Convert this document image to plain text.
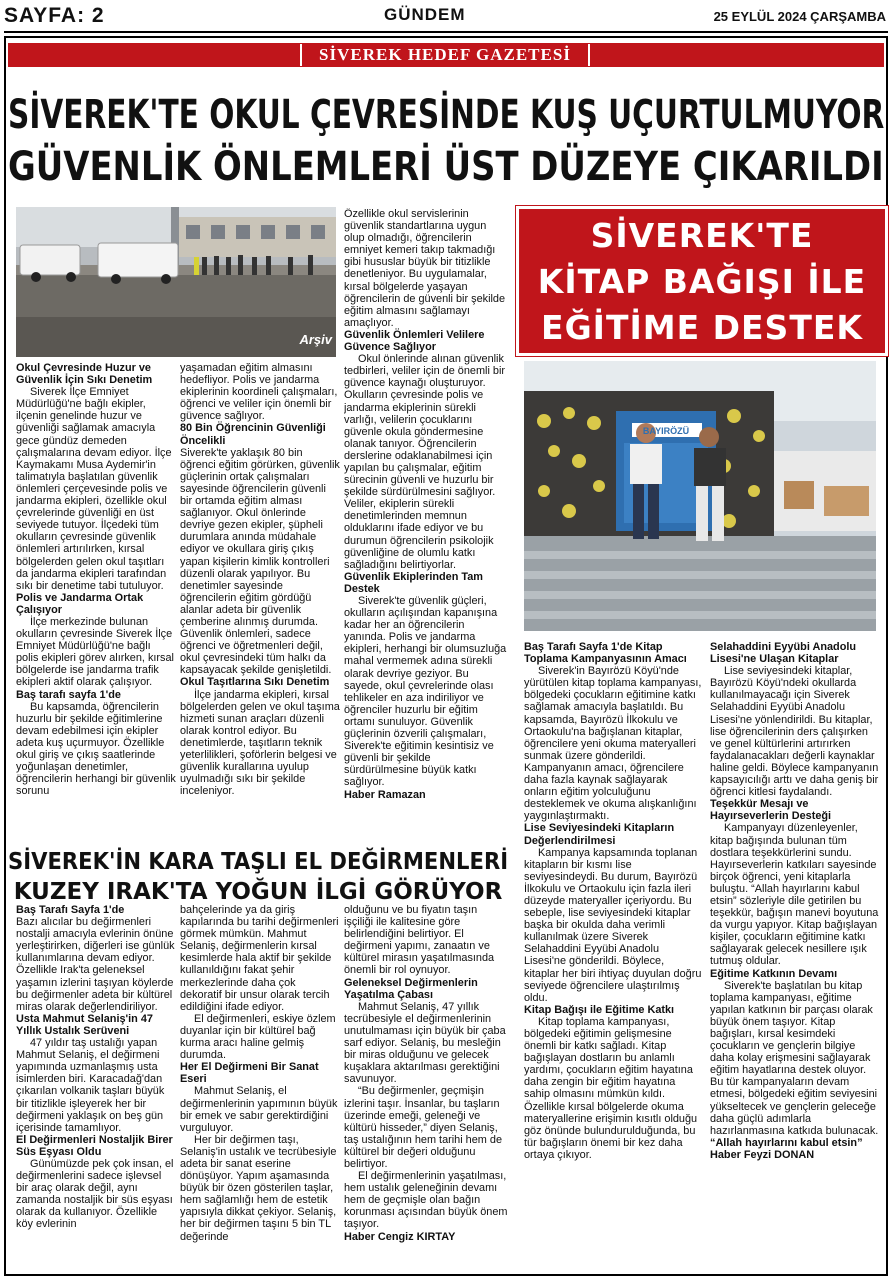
SAYFA: 2	GÜNDEM	25 EYLÜL 2024 ÇARŞAMBA
SİVEREK HEDEF GAZETESİ
SİVEREK'TE OKUL ÇEVRESİNDE KUŞ UÇURTULMUYOR
GÜVENLİK ÖNLEMLERİ ÜST DÜZEYE ÇIKARILDI
Arşiv
Okul Çevresinde Huzur ve Güvenlik İçin Sıkı Denetim

Siverek İlçe Emniyet Müdürlüğü'ne bağlı ekipler, ilçenin genelinde huzur ve güvenliği sağlamak amacıyla gece gündüz demeden çalışmalarına devam ediyor. İlçe Kaymakamı Musa Aydemir'in talimatıyla başlatılan güvenlik önlemleri çerçevesinde polis ve jandarma ekipleri, özellikle okul çevrelerinde güvenliği en üst seviyede tutuyor. İlçedeki tüm okulların çevresinde güvenlik önlemleri artırılırken, kırsal bölgelerden gelen okul taşıtları da jandarma ekipleri tarafından sıkı bir denetime tabi tutuluyor.

Polis ve Jandarma Ortak Çalışıyor

İlçe merkezinde bulunan okulların çevresinde Siverek İlçe Emniyet Müdürlüğü'ne bağlı polis ekipleri görev alırken, kırsal bölgelerde ise jandarma trafik ekipleri aktif olarak çalışıyor.

Baş tarafı sayfa 1'de

Bu kapsamda, öğrencilerin huzurlu bir şekilde eğitimlerine devam edebilmesi için ekipler adeta kuş uçurmuyor. Özellikle okul giriş ve çıkış saatlerinde yoğunlaşan denetimler, öğrencilerin herhangi bir güvenlik sorunu

yaşamadan eğitim almasını hedefliyor. Polis ve jandarma ekiplerinin koordineli çalışmaları, öğrenci ve veliler için önemli bir güvence sağlıyor.

80 Bin Öğrencinin Güvenliği Öncelikli

Siverek'te yaklaşık 80 bin öğrenci eğitim görürken, güvenlik güçlerinin ortak çalışmaları sayesinde öğrencilerin güvenli bir ortamda eğitim alması sağlanıyor. Okul önlerinde devriye gezen ekipler, şüpheli durumlara anında müdahale ediyor ve okullara giriş çıkış yapan kişilerin kimlik kontrolleri düzenli olarak yapılıyor. Bu denetimler sayesinde öğrencilerin eğitim gördüğü alanlar adeta bir güvenlik çemberine alınmış durumda. Güvenlik önlemleri, sadece öğrenci ve öğretmenleri değil, okul çevresindeki tüm halkı da kapsayacak şekilde genişletildi.

Okul Taşıtlarına Sıkı Denetim

İlçe jandarma ekipleri, kırsal bölgelerden gelen ve okul taşıma hizmeti sunan araçları düzenli olarak kontrol ediyor. Bu denetimlerde, taşıtların teknik yeterlilikleri, şoförlerin belgesi ve güvenlik kurallarına uyulup uyulmadığı sıkı bir şekilde inceleniyor.

Özellikle okul servislerinin güvenlik standartlarına uygun olup olmadığı, öğrencilerin emniyet kemeri takıp takmadığı gibi hususlar büyük bir titizlikle denetleniyor. Bu uygulamalar, kırsal bölgelerde yaşayan öğrencilerin de güvenli bir şekilde eğitim almasını sağlamayı amaçlıyor.

Güvenlik Önlemleri Velilere Güvence Sağlıyor

Okul önlerinde alınan güvenlik tedbirleri, veliler için de önemli bir güvence kaynağı oluşturuyor. Okulların çevresinde polis ve jandarma ekiplerinin sürekli varlığı, velilerin çocuklarını güvenle okula göndermesine olanak tanıyor. Öğrencilerin derslerine odaklanabilmesi için yapılan bu çalışmalar, eğitim sürecinin güvenli ve huzurlu bir şekilde sürdürülmesini sağlıyor. Veliler, ekiplerin sürekli denetimlerinden memnun olduklarını ifade ediyor ve bu durumun öğrencilerin psikolojik güvenliğine de olumlu katkı sağladığını belirtiyorlar.

Güvenlik Ekiplerinden Tam Destek

Siverek'te güvenlik güçleri, okulların açılışından kapanışına kadar her an öğrencilerin yanında. Polis ve jandarma ekipleri, herhangi bir olumsuzluğa mahal vermemek adına sürekli olarak devriye geziyor. Bu sayede, okul çevrelerinde olası tehlikeler en aza indiriliyor ve öğrenciler huzurlu bir eğitim ortamı sunuluyor. Güvenlik güçlerinin özverili çalışmaları, Siverek'te eğitimin kesintisiz ve güvenli bir şekilde sürdürülmesine büyük katkı sağlıyor.

Haber Ramazan

SİVEREK'İN KARA TAŞLI EL DEĞİRMENLERİ
KUZEY IRAK'TA YOĞUN İLGİ GÖRÜYOR
Baş Tarafı Sayfa 1'de

Bazı alıcılar bu değirmenleri nostalji amacıyla evlerinin önüne yerleştirirken, diğerleri ise günlük kullanımlarına devam ediyor. Özellikle Irak'ta geleneksel yaşamın izlerini taşıyan köylerde bu değirmenler adeta bir kültürel miras olarak değerlendiriliyor.

Usta Mahmut Selaniş'in 47 Yıllık Ustalık Serüveni

47 yıldır taş ustalığı yapan Mahmut Selaniş, el değirmeni yapımında uzmanlaşmış usta isimlerden biri. Karacadağ'dan çıkarılan volkanik taşları büyük bir titizlikle işleyerek her bir değirmeni yaklaşık on beş gün içerisinde tamamlıyor.

El Değirmenleri Nostaljik Birer Süs Eşyası Oldu

Günümüzde pek çok insan, el değirmenlerini sadece işlevsel bir araç olarak değil, aynı zamanda nostaljik bir süs eşyası olarak da kullanıyor. Özellikle köy evlerinin

bahçelerinde ya da giriş kapılarında bu tarihi değirmenleri görmek mümkün. Mahmut Selaniş, değirmenlerin kırsal kesimlerde hala aktif bir şekilde kullanıldığını fakat şehir merkezlerinde daha çok dekoratif bir unsur olarak tercih edildiğini ifade ediyor.

El değirmenleri, eskiye özlem duyanlar için bir kültürel bağ kurma aracı haline gelmiş durumda.

Her El Değirmeni Bir Sanat Eseri

Mahmut Selaniş, el değirmenlerinin yapımının büyük bir emek ve sabır gerektirdiğini vurguluyor.

Her bir değirmen taşı, Selaniş'in ustalık ve tecrübesiyle adeta bir sanat eserine dönüşüyor. Yapım aşamasında büyük bir özen gösterilen taşlar, hem sağlamlığı hem de estetik yapısıyla dikkat çekiyor. Selaniş, her bir değirmen taşını 5 bin TL değerinde

olduğunu ve bu fiyatın taşın işçiliği ile kalitesine göre belirlendiğini belirtiyor. El değirmeni yapımı, zanaatın ve kültürel mirasın yaşatılmasında önemli bir rol oynuyor.

Geleneksel Değirmenlerin Yaşatılma Çabası

Mahmut Selaniş, 47 yıllık tecrübesiyle el değirmenlerinin unutulmaması için büyük bir çaba sarf ediyor. Selaniş, bu mesleğin bir miras olduğunu ve gelecek kuşaklara aktarılması gerektiğini savunuyor.

“Bu değirmenler, geçmişin izlerini taşır. İnsanlar, bu taşların üzerinde emeği, geleneği ve kültürü hisseder,” diyen Selaniş, taş ustalığının hem tarihi hem de kültürel bir değeri olduğunu belirtiyor.

El değirmenlerinin yaşatılması, hem ustalık geleneğinin devamı hem de geçmişle olan bağın korunması açısından büyük önem taşıyor.

Haber Cengiz KIRTAY

SİVEREK'TE
KİTAP BAĞIŞI İLE
EĞİTİME DESTEK
BAYIRÖZÜ
Baş Tarafı Sayfa 1'de Kitap Toplama Kampanyasının Amacı

Siverek'in Bayırözü Köyü'nde yürütülen kitap toplama kampanyası, bölgedeki çocukların eğitimine katkı sağlamak amacıyla başlatıldı. Bu kapsamda, Bayırözü İlkokulu ve Ortaokulu'na bağışlanan kitaplar, öğrencilere yeni okuma materyalleri sunmak üzere gönderildi. Kampanyanın amacı, öğrencilere daha fazla kaynak sağlayarak onların eğitim yolculuğunu desteklemek ve okuma alışkanlığını yaygınlaştırmaktı.

Lise Seviyesindeki Kitapların Değerlendirilmesi

Kampanya kapsamında toplanan kitapların bir kısmı lise seviyesindeydi. Bu durum, Bayırözü İlkokulu ve Ortaokulu için fazla ileri düzeyde materyaller içeriyordu. Bu sebeple, lise seviyesindeki kitaplar başka bir okulda daha verimli kullanılmak üzere Siverek Selahaddini Eyyübi Anadolu Lisesi'ne gönderildi. Böylece, kitaplar her biri ihtiyaç duyulan doğru seviyede öğrencilere ulaştırılmış oldu.

Kitap Bağışı ile Eğitime Katkı

Kitap toplama kampanyası, bölgedeki eğitimin gelişmesine önemli bir katkı sağladı. Kitap bağışlayan dostların bu anlamlı yardımı, çocukların eğitim hayatına daha zengin bir eğitim hayatına sahip olmasını mümkün kıldı. Özellikle kırsal bölgelerde okuma materyallerine erişimin kısıtlı olduğu göz önünde bulundurulduğunda, bu tür bağışların önemi bir kez daha ortaya çıkıyor.

Selahaddini Eyyübi Anadolu Lisesi'ne Ulaşan Kitaplar

Lise seviyesindeki kitaplar, Bayırözü Köyü'ndeki okullarda kullanılmayacağı için Siverek Selahaddini Eyyübi Anadolu Lisesi'ne yönlendirildi. Bu kitaplar, lise öğrencilerinin ders çalışırken ve genel kültürlerini artırırken faydalanacakları değerli kaynaklar haline geldi. Böylece kampanyanın kapsayıcılığı arttı ve daha geniş bir öğrenci kitlesi faydalandı.

Teşekkür Mesajı ve Hayırseverlerin Desteği

Kampanyayı düzenleyenler, kitap bağışında bulunan tüm dostlara teşekkürlerini sundu. Hayırseverlerin katkıları sayesinde birçok öğrenci, yeni kitaplarla buluştu. “Allah hayırlarını kabul etsin” sözleriyle dile getirilen bu teşekkür, bağışın manevi boyutuna da vurgu yapıyor. Kitap bağışlayan kişiler, çocukların eğitimine katkı sağlayarak gelecek nesillere ışık tutmuş oldular.

Eğitime Katkının Devamı

Siverek'te başlatılan bu kitap toplama kampanyası, eğitime yapılan katkının bir parçası olarak büyük önem taşıyor. Kitap bağışları, kırsal kesimdeki çocukların ve gençlerin bilgiye daha kolay erişmesini sağlayarak eğitim hayatlarına destek oluyor. Bu tür kampanyaların devam etmesi, bölgedeki eğitim seviyesini yükseltecek ve gençlerin geleceğe daha güçlü adımlarla hazırlanmasına katkıda bulunacak.

“Allah hayırlarını kabul etsin”

Haber Feyzi DONAN
